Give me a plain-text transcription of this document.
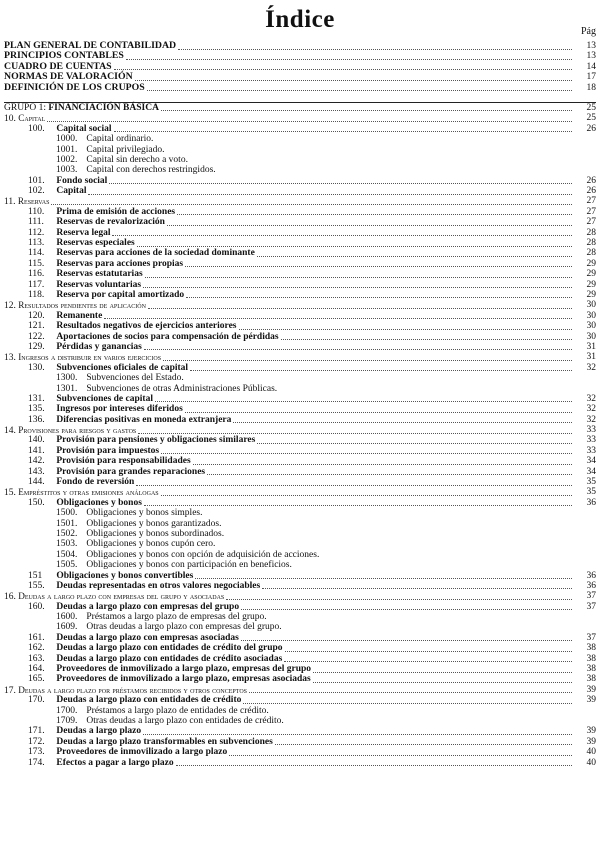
Índice	Pág
PLAN GENERAL DE CONTABILIDAD	13
PRINCIPIOS CONTABLES	13
CUADRO DE CUENTAS	14
NORMAS DE VALORACIÓN	17
DEFINICIÓN DE LOS CRUPOS	18
GRUPO 1: FINANCIACIÓN BÁSICA	25
10. Capital	25
100. Capital social	26
1000. Capital ordinario.
1001. Capital privilegiado.
1002. Capital sin derecho a voto.
1003. Capital con derechos restringidos.
101. Fondo social	26
102. Capital	26
11. Reservas	27
110. Prima de emisión de acciones	27
111. Reservas de revalorización	27
112. Reserva legal	28
113. Reservas especiales	28
114. Reservas para acciones de la sociedad dominante	28
115. Reservas para acciones propias	29
116. Reservas estatutarias	29
117. Reservas voluntarias	29
118. Reserva por capital amortizado	29
12. Resultados pendientes de aplicación	30
120. Remanente	30
121. Resultados negativos de ejercicios anteriores	30
122. Aportaciones de socios para compensación de pérdidas	30
129. Pérdidas y ganancias	31
13. Ingresos a distribuir en varios ejercicios	31
130. Subvenciones oficiales de capital	32
1300. Subvenciones del Estado.
1301. Subvenciones de otras Administraciones Públicas.
131. Subvenciones de capital	32
135. Ingresos por intereses diferidos	32
136. Diferencias positivas en moneda extranjera	32
14. Provisiones para riesgos y gastos	33
140. Provisión para pensiones y obligaciones similares	33
141. Provisión para impuestos	33
142. Provisión para responsabilidades	34
143. Provisión para grandes reparaciones	34
144. Fondo de reversión	35
15. Empréstitos y otras emisiones análogas	35
150. Obligaciones y bonos	36
1500. Obligaciones y bonos simples.
1501. Obligaciones y bonos garantizados.
1502. Obligaciones y bonos subordinados.
1503. Obligaciones y bonos cupón cero.
1504. Obligaciones y bonos con opción de adquisición de acciones.
1505. Obligaciones y bonos con participación en beneficios.
151 Obligaciones y bonos convertibles	36
155. Deudas representadas en otros valores negociables	36
16. Deudas a largo plazo con empresas del grupo y asociadas	37
160. Deudas a largo plazo con empresas del grupo	37
1600. Préstamos a largo plazo de empresas del grupo.
1609. Otras deudas a largo plazo con empresas del grupo.
161. Deudas a largo plazo con empresas asociadas	37
162. Deudas a largo plazo con entidades de crédito del grupo	38
163. Deudas a largo plazo con entidades de crédito asociadas	38
164. Proveedores de inmovilizado a largo plazo, empresas del grupo	38
165. Proveedores de inmovilizado a largo plazo, empresas asociadas	38
17. Deudas a largo plazo por préstamos recibidos y otros conceptos	39
170. Deudas a largo plazo con entidades de crédito	39
1700. Préstamos a largo plazo de entidades de crédito.
1709. Otras deudas a largo plazo con entidades de crédito.
171. Deudas a largo plazo	39
172. Deudas a largo plazo transformables en subvenciones	39
173. Proveedores de inmovilizado a largo plazo	40
174. Efectos a pagar a largo plazo	40
